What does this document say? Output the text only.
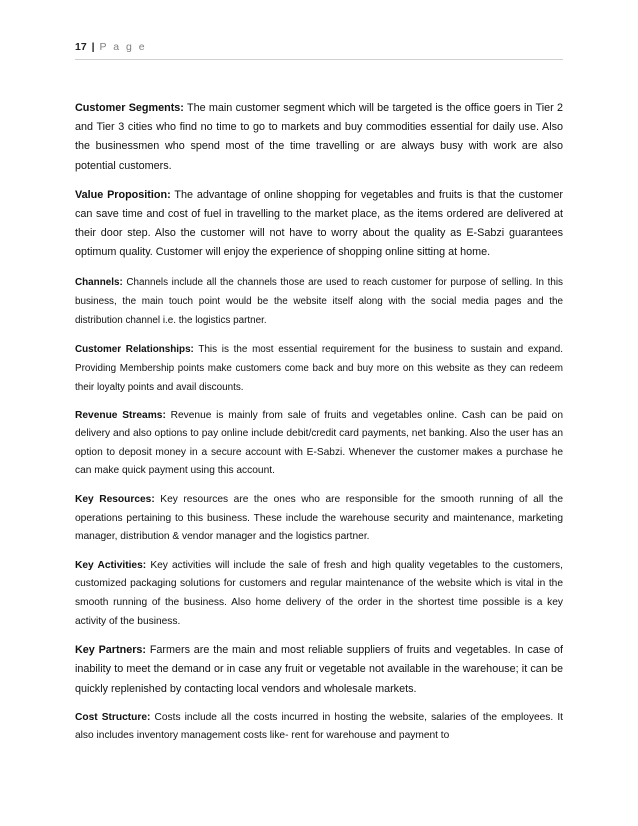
17 | P a g e

Customer Segments: The main customer segment which will be targeted is the office goers in Tier 2 and Tier 3 cities who find no time to go to markets and buy commodities essential for daily use. Also the businessmen who spend most of the time travelling or are always busy with work are also potential customers.

Value Proposition: The advantage of online shopping for vegetables and fruits is that the customer can save time and cost of fuel in travelling to the market place, as the items ordered are delivered at their door step. Also the customer will not have to worry about the quality as E-Sabzi guarantees optimum quality. Customer will enjoy the experience of shopping online sitting at home.

Channels: Channels include all the channels those are used to reach customer for purpose of selling. In this business, the main touch point would be the website itself along with the social media pages and the distribution channel i.e. the logistics partner.

Customer Relationships: This is the most essential requirement for the business to sustain and expand. Providing Membership points make customers come back and buy more on this website as they can redeem their loyalty points and avail discounts.

Revenue Streams: Revenue is mainly from sale of fruits and vegetables online. Cash can be paid on delivery and also options to pay online include debit/credit card payments, net banking. Also the user has an option to deposit money in a secure account with E-Sabzi. Whenever the customer makes a purchase he can make quick payment using this account.

Key Resources: Key resources are the ones who are responsible for the smooth running of all the operations pertaining to this business. These include the warehouse security and maintenance, marketing manager, distribution & vendor manager and the logistics partner.

Key Activities: Key activities will include the sale of fresh and high quality vegetables to the customers, customized packaging solutions for customers and regular maintenance of the website which is vital in the smooth running of the business. Also home delivery of the order in the shortest time possible is a key activity of the business.

Key Partners: Farmers are the main and most reliable suppliers of fruits and vegetables. In case of inability to meet the demand or in case any fruit or vegetable not available in the warehouse; it can be quickly replenished by contacting local vendors and wholesale markets.

Cost Structure: Costs include all the costs incurred in hosting the website, salaries of the employees. It also includes inventory management costs like- rent for warehouse and payment to
